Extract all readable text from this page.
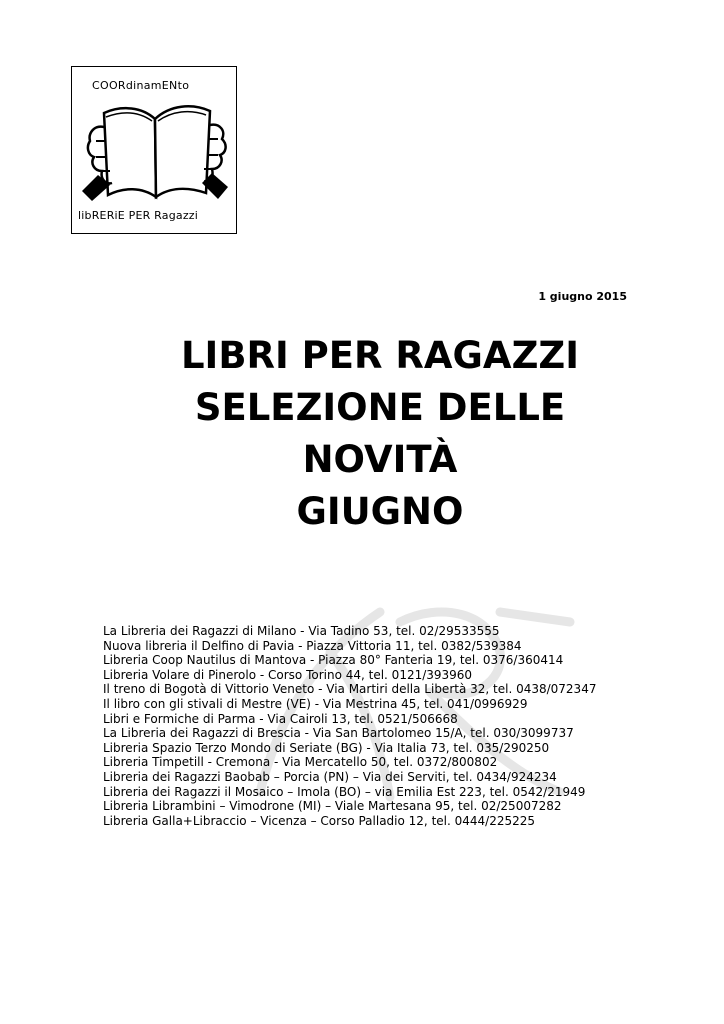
COORdinamENto
libRERiE PER Ragazzi
1 giugno 2015
LIBRI PER RAGAZZI
SELEZIONE DELLE
NOVITÀ
GIUGNO
La Libreria dei Ragazzi di Milano - Via Tadino 53, tel. 02/29533555
Nuova libreria il Delfino di Pavia - Piazza Vittoria 11, tel. 0382/539384
Libreria Coop Nautilus di Mantova - Piazza 80° Fanteria 19, tel. 0376/360414
Libreria Volare di Pinerolo - Corso Torino 44, tel. 0121/393960
Il treno di Bogotà di Vittorio Veneto - Via Martiri della Libertà 32, tel. 0438/072347
Il libro con gli stivali di Mestre (VE) - Via Mestrina 45, tel. 041/0996929
Libri e Formiche di Parma - Via Cairoli 13, tel. 0521/506668
La Libreria dei Ragazzi di Brescia - Via San Bartolomeo 15/A, tel. 030/3099737
Libreria Spazio Terzo Mondo di Seriate (BG) - Via Italia 73, tel. 035/290250
Libreria Timpetill - Cremona - Via Mercatello 50, tel. 0372/800802
Libreria dei Ragazzi Baobab – Porcia (PN) – Via dei Serviti, tel. 0434/924234
Libreria dei Ragazzi il Mosaico – Imola (BO) – via Emilia Est 223, tel. 0542/21949
Libreria Librambini – Vimodrone (MI) – Viale Martesana 95, tel. 02/25007282
Libreria Galla+Libraccio – Vicenza – Corso Palladio 12, tel. 0444/225225
